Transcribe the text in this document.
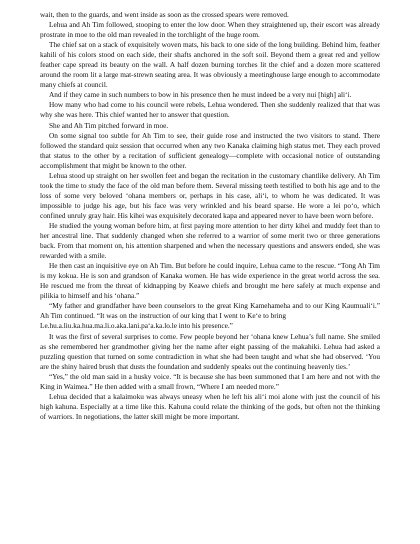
wait, then to the guards, and went inside as soon as the crossed spears were removed.

Lehua and Ah Tim followed, stooping to enter the low door. When they straightened up, their escort was already prostrate in moe to the old man revealed in the torchlight of the huge room.

The chief sat on a stack of exquisitely woven mats, his back to one side of the long building. Behind him, feather kahili of his colors stood on each side, their shafts anchored in the soft soil. Beyond them a great red and yellow feather cape spread its beauty on the wall. A half dozen burning torches lit the chief and a dozen more scattered around the room lit a large mat-strewn seating area. It was obviously a meetinghouse large enough to accommodate many chiefs at council.

And if they came in such numbers to bow in his presence then he must indeed be a very nui [high] ali‘i.

How many who had come to his council were rebels, Lehua wondered. Then she suddenly realized that that was why she was here. This chief wanted her to answer that question.

She and Ah Tim pitched forward in moe.

On some signal too subtle for Ah Tim to see, their guide rose and instructed the two visitors to stand. There followed the standard quiz session that occurred when any two Kanaka claiming high status met. They each proved that status to the other by a recitation of sufficient genealogy—complete with occasional notice of outstanding accomplishment that might be known to the other.

Lehua stood up straight on her swollen feet and began the recitation in the customary chantlike delivery. Ah Tim took the time to study the face of the old man before them. Several missing teeth testified to both his age and to the loss of some very beloved ‘ohana members or, perhaps in his case, ali‘i, to whom he was dedicated. It was impossible to judge his age, but his face was very wrinkled and his beard sparse. He wore a lei po‘o, which confined unruly gray hair. His kihei was exquisitely decorated kapa and appeared never to have been worn before.

He studied the young woman before him, at first paying more attention to her dirty kihei and muddy feet than to her ancestral line. That suddenly changed when she referred to a warrior of some merit two or three generations back. From that moment on, his attention sharpened and when the necessary questions and answers ended, she was rewarded with a smile.

He then cast an inquisitive eye on Ah Tim. But before he could inquire, Lehua came to the rescue. “Tong Ah Tim is my kokua. He is son and grandson of Kanaka women. He has wide experience in the great world across the sea. He rescued me from the threat of kidnapping by Keawe chiefs and brought me here safely at much expense and pilikia to himself and his ‘ohana.”

“My father and grandfather have been counselors to the great King Kamehameha and to our King Kaumuali‘i.” Ah Tim continued. “It was on the instruction of our king that I went to Ke‘e to bring

Le.hu.a.liu.ka.hua.ma.li.o.aka.lani.pa‘a.ka.lo.le into his presence.”

It was the first of several surprises to come. Few people beyond her ‘ohana knew Lehua’s full name. She smiled as she remembered her grandmother giving her the name after eight passing of the makahiki. Lehua had asked a puzzling question that turned on some contradiction in what she had been taught and what she had observed. ‘You are the shiny haired brush that dusts the foundation and suddenly speaks out the continuing heavenly ties.’

“Yes,” the old man said in a husky voice. “It is because she has been summoned that I am here and not with the King in Waimea.” He then added with a small frown, “Where I am needed more.”

Lehua decided that a kalaimoku was always uneasy when he left his ali‘i moi alone with just the council of his high kahuna. Especially at a time like this. Kahuna could relate the thinking of the gods, but often not the thinking of warriors. In negotiations, the latter skill might be more important.
